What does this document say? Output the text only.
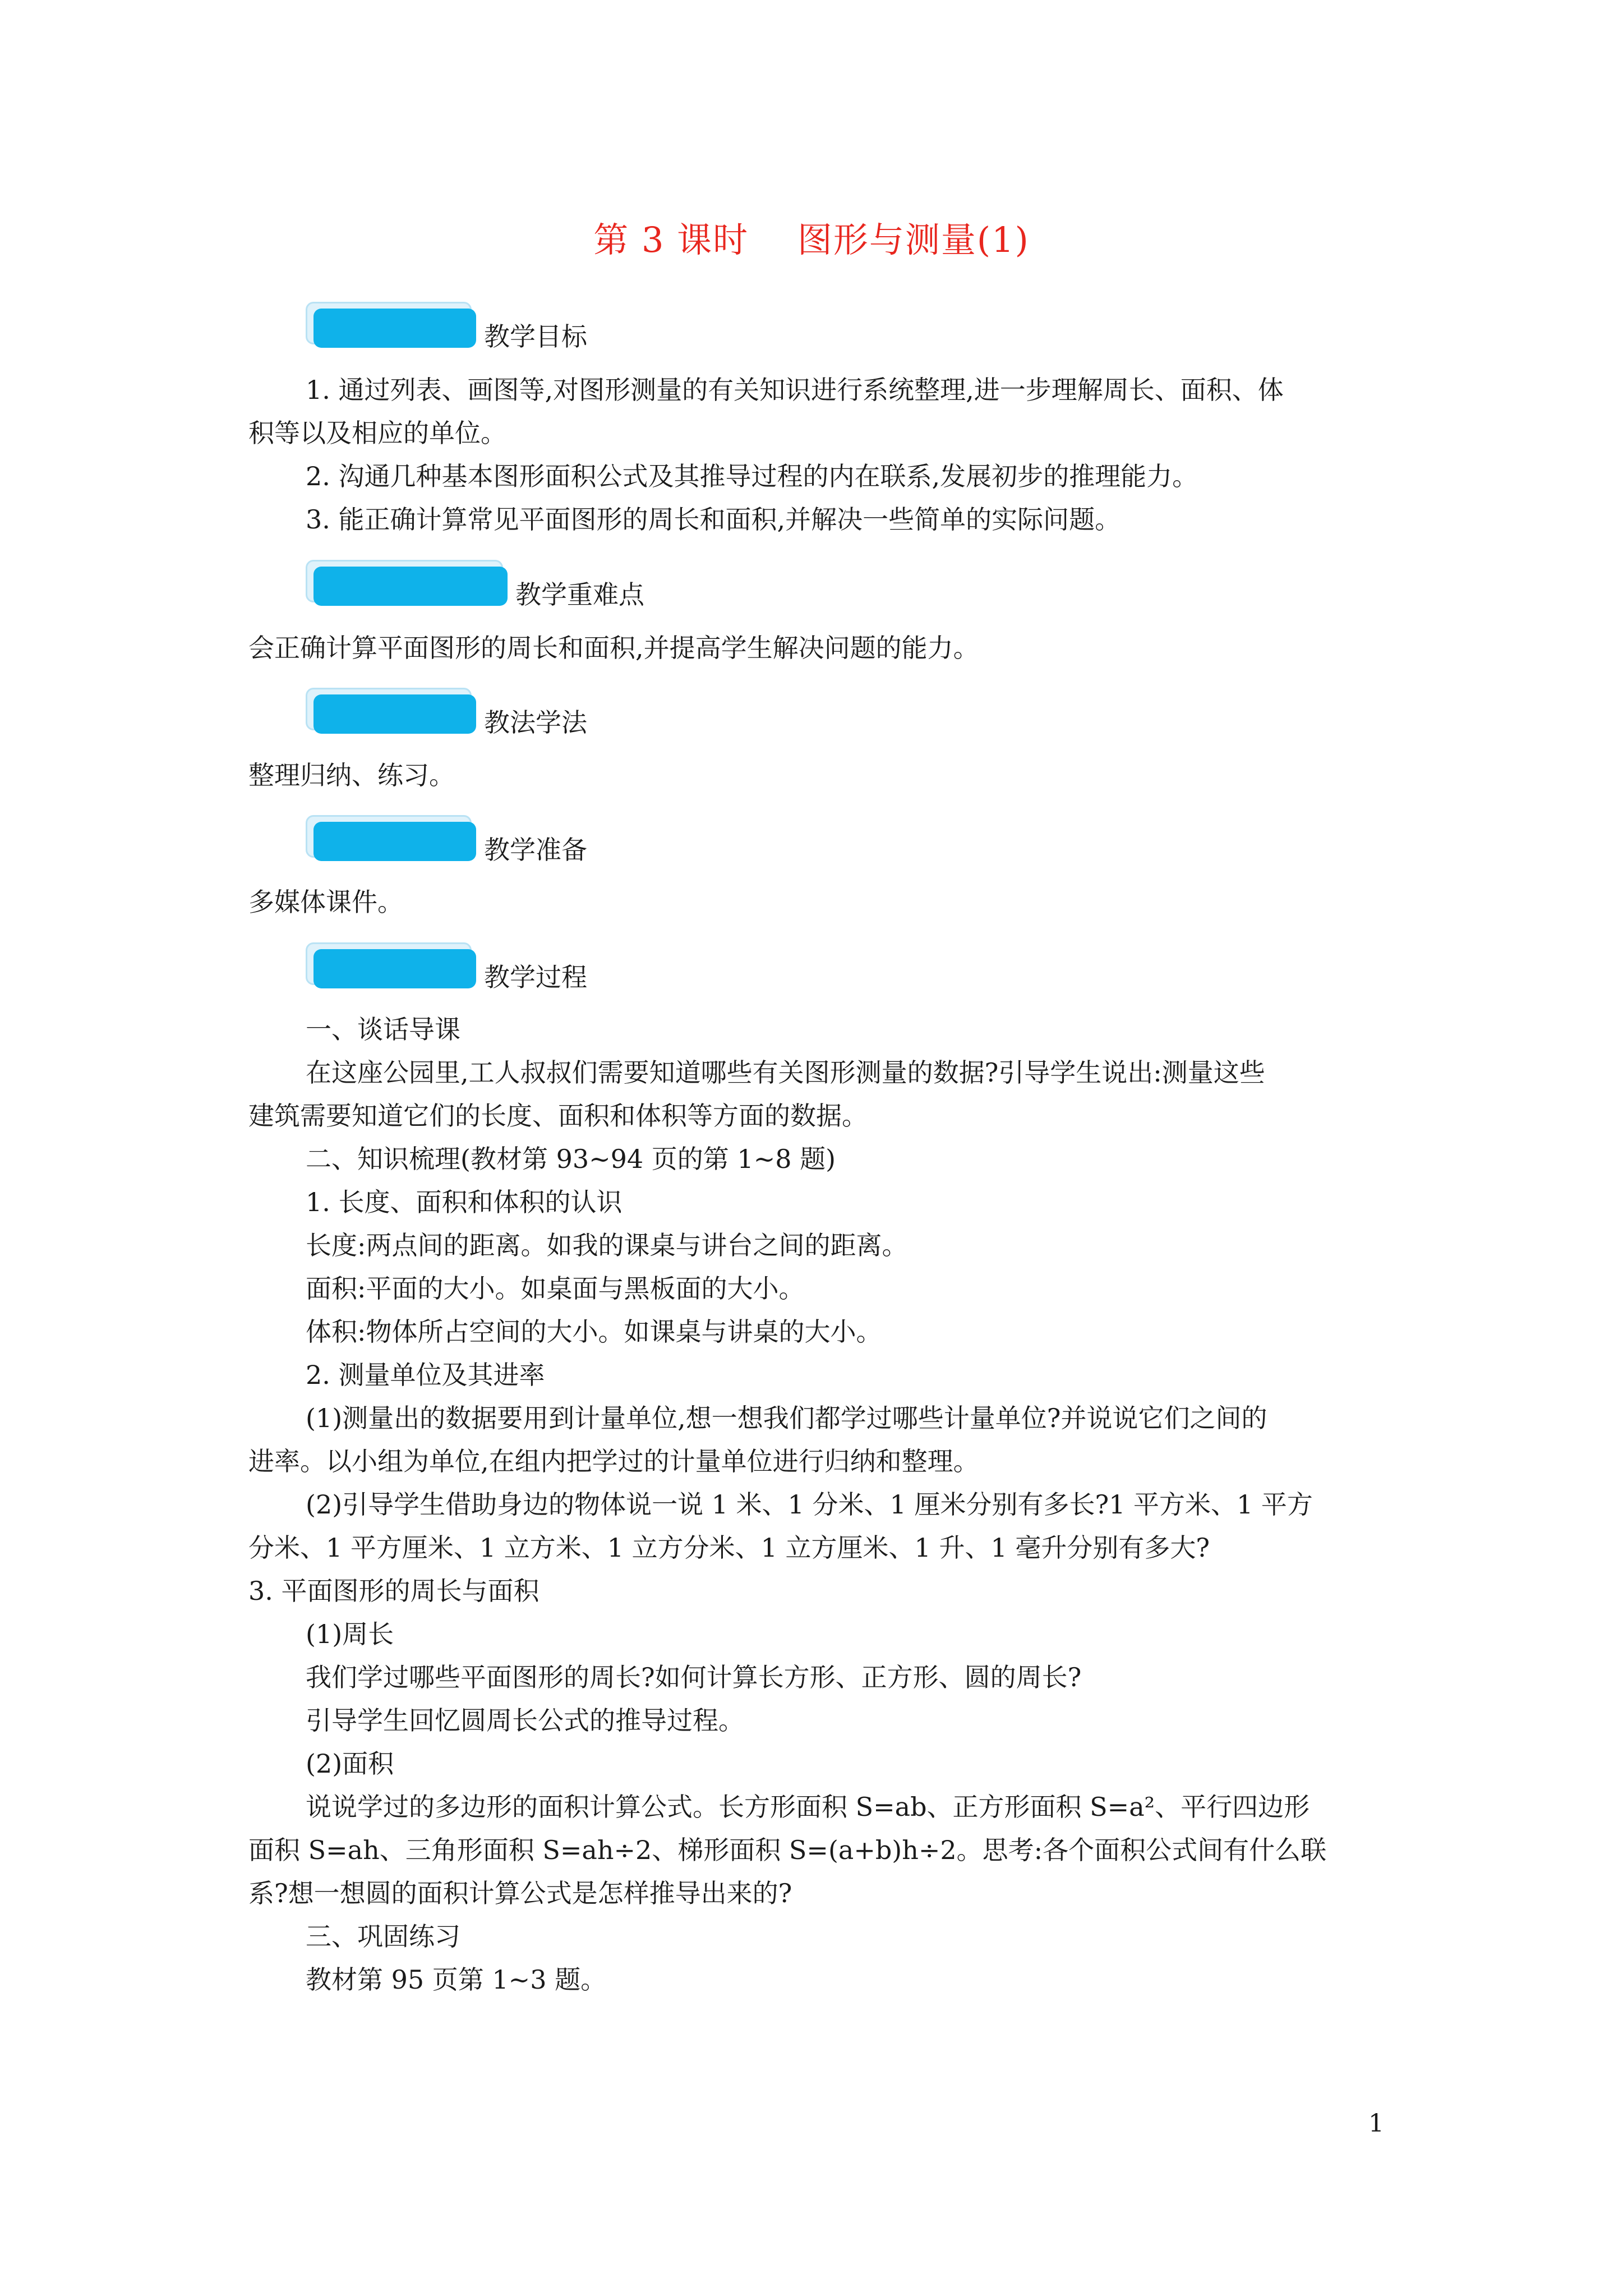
第 3 课时    图形与测量(1)
教学目标
1. 通过列表、画图等,对图形测量的有关知识进行系统整理,进一步理解周长、面积、体
积等以及相应的单位。
2. 沟通几种基本图形面积公式及其推导过程的内在联系,发展初步的推理能力。
3. 能正确计算常见平面图形的周长和面积,并解决一些简单的实际问题。
教学重难点
会正确计算平面图形的周长和面积,并提高学生解决问题的能力。
教法学法
整理归纳、练习。
教学准备
多媒体课件。
教学过程
一、谈话导课
在这座公园里,工人叔叔们需要知道哪些有关图形测量的数据?引导学生说出:测量这些
建筑需要知道它们的长度、面积和体积等方面的数据。
二、知识梳理(教材第 93~94 页的第 1~8 题)
1. 长度、面积和体积的认识
长度:两点间的距离。如我的课桌与讲台之间的距离。
面积:平面的大小。如桌面与黑板面的大小。
体积:物体所占空间的大小。如课桌与讲桌的大小。
2. 测量单位及其进率
(1)测量出的数据要用到计量单位,想一想我们都学过哪些计量单位?并说说它们之间的
进率。以小组为单位,在组内把学过的计量单位进行归纳和整理。
(2)引导学生借助身边的物体说一说 1 米、1 分米、1 厘米分别有多长?1 平方米、1 平方
分米、1 平方厘米、1 立方米、1 立方分米、1 立方厘米、1 升、1 毫升分别有多大?
3. 平面图形的周长与面积
(1)周长
我们学过哪些平面图形的周长?如何计算长方形、正方形、圆的周长?
引导学生回忆圆周长公式的推导过程。
(2)面积
说说学过的多边形的面积计算公式。长方形面积 S=ab、正方形面积 S=a²、平行四边形
面积 S=ah、三角形面积 S=ah÷2、梯形面积 S=(a+b)h÷2。思考:各个面积公式间有什么联
系?想一想圆的面积计算公式是怎样推导出来的?
三、巩固练习
教材第 95 页第 1~3 题。
1
